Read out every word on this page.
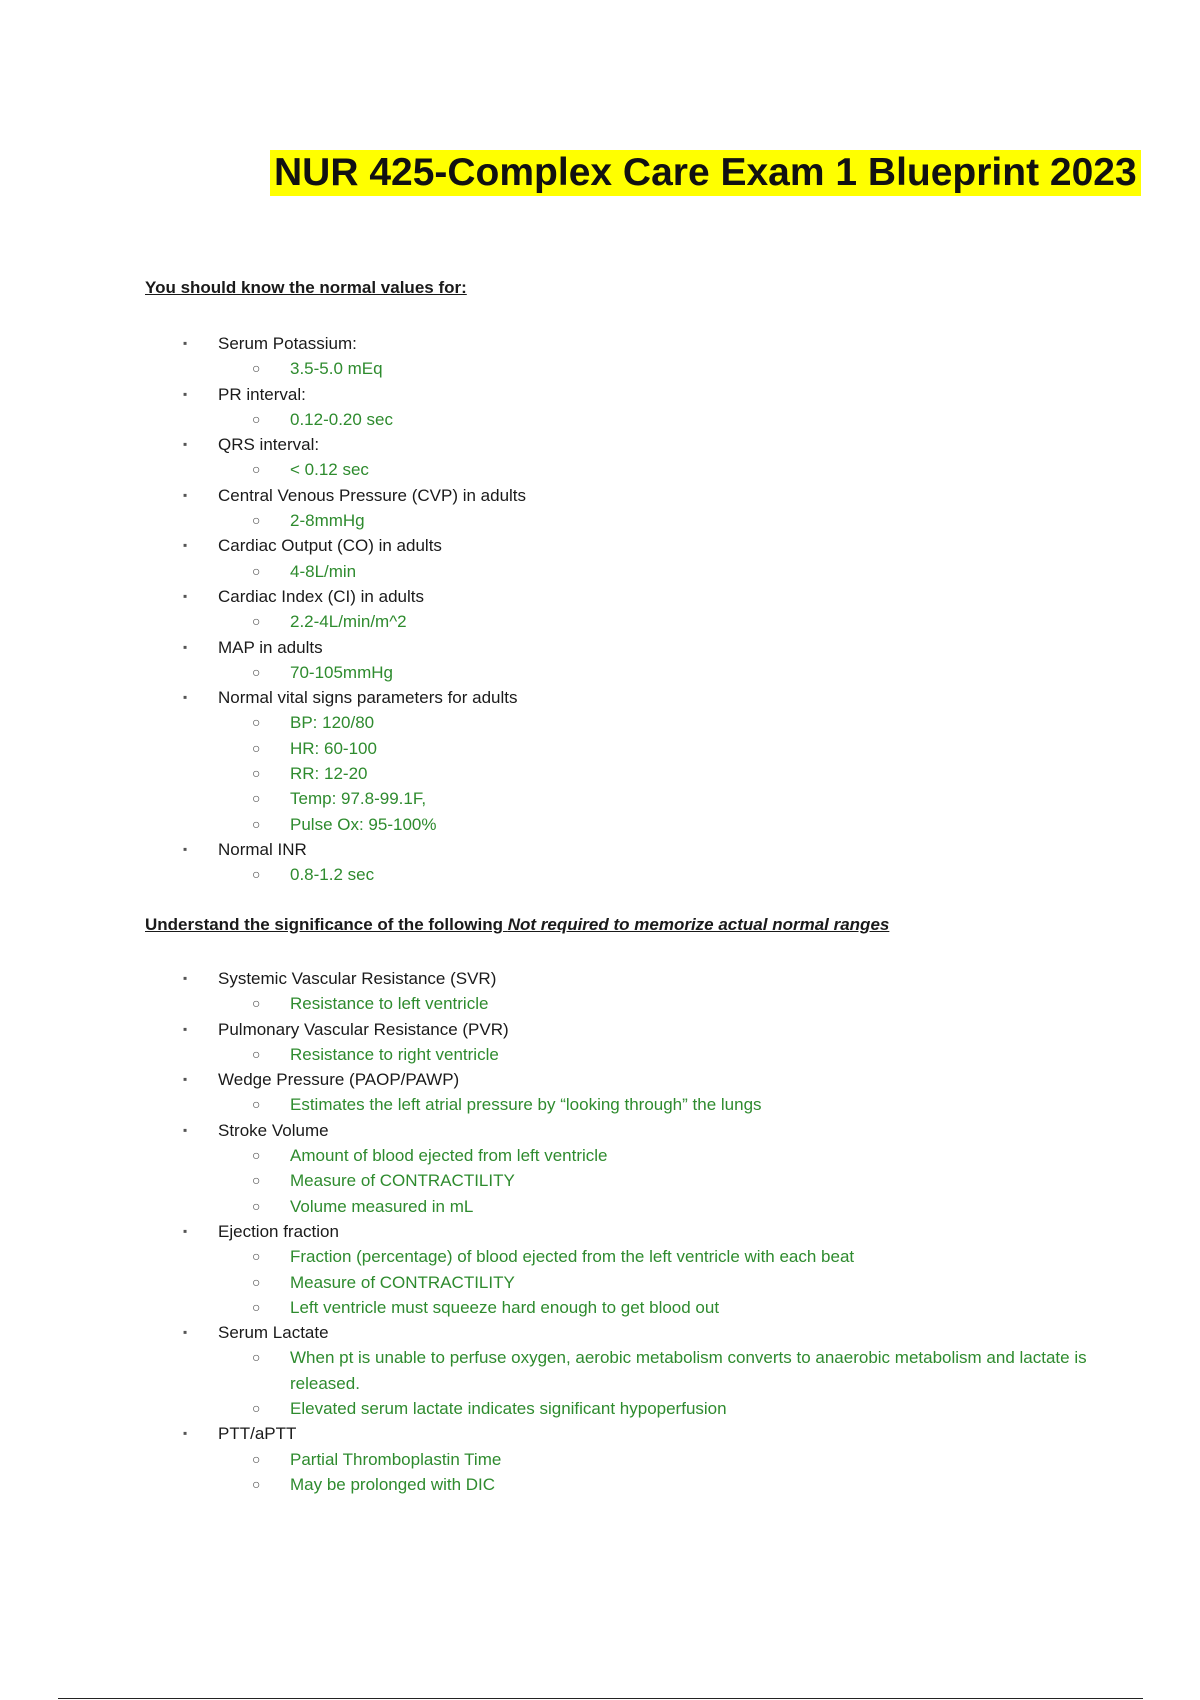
NUR 425-Complex Care Exam 1 Blueprint 2023
You should know the normal values for:
▪ Serum Potassium:
○ 3.5-5.0 mEq
▪ PR interval:
○ 0.12-0.20 sec
▪ QRS interval:
○ < 0.12 sec
▪ Central Venous Pressure (CVP) in adults
○ 2-8mmHg
▪ Cardiac Output (CO) in adults
○ 4-8L/min
▪ Cardiac Index (CI) in adults
○ 2.2-4L/min/m^2
▪ MAP in adults
○ 70-105mmHg
▪ Normal vital signs parameters for adults
○ BP: 120/80
○ HR: 60-100
○ RR: 12-20
○ Temp: 97.8-99.1F,
○ Pulse Ox: 95-100%
▪ Normal INR
○ 0.8-1.2 sec
Understand the significance of the following Not required to memorize actual normal ranges
▪ Systemic Vascular Resistance (SVR)
○ Resistance to left ventricle
▪ Pulmonary Vascular Resistance (PVR)
○ Resistance to right ventricle
▪ Wedge Pressure (PAOP/PAWP)
○ Estimates the left atrial pressure by “looking through” the lungs
▪ Stroke Volume
○ Amount of blood ejected from left ventricle
○ Measure of CONTRACTILITY
○ Volume measured in mL
▪ Ejection fraction
○ Fraction (percentage) of blood ejected from the left ventricle with each beat
○ Measure of CONTRACTILITY
○ Left ventricle must squeeze hard enough to get blood out
▪ Serum Lactate
○ When pt is unable to perfuse oxygen, aerobic metabolism converts to anaerobic metabolism and lactate is released.
○ Elevated serum lactate indicates significant hypoperfusion
▪ PTT/aPTT
○ Partial Thromboplastin Time
○ May be prolonged with DIC
